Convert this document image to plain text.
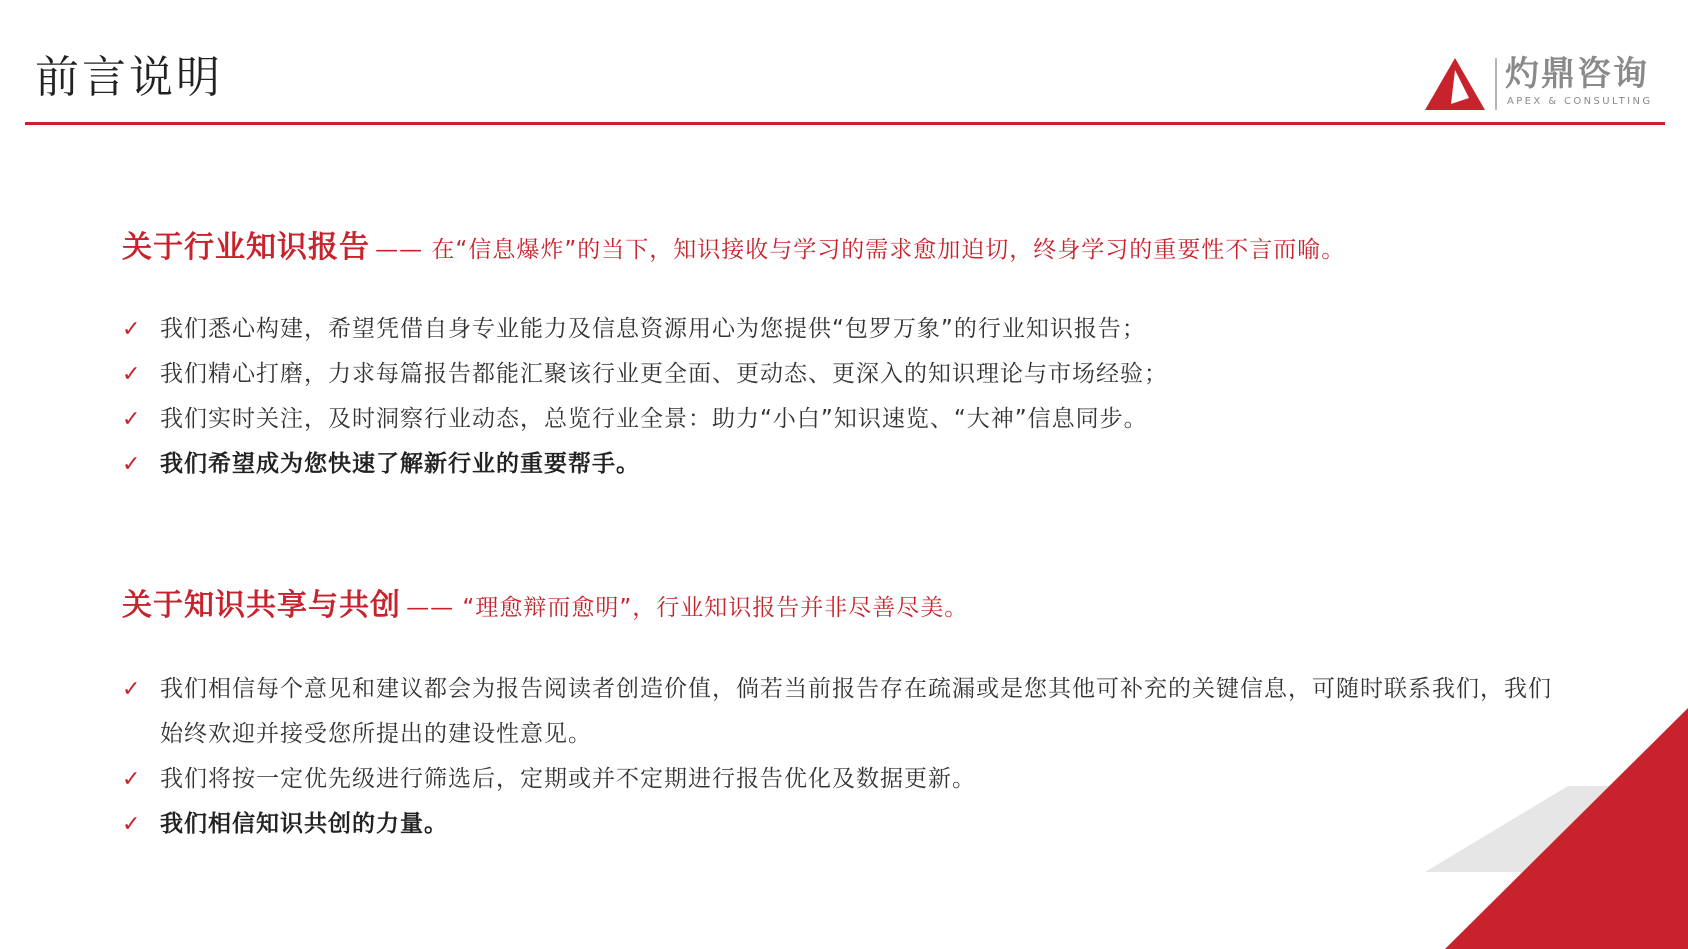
前言说明	灼鼎咨询
APEX & CONSULTING

关于行业知识报告 —— 在“信息爆炸”的当下，知识接收与学习的需求愈加迫切，终身学习的重要性不言而喻。

✓ 我们悉心构建，希望凭借自身专业能力及信息资源用心为您提供“包罗万象”的行业知识报告；
✓ 我们精心打磨，力求每篇报告都能汇聚该行业更全面、更动态、更深入的知识理论与市场经验；
✓ 我们实时关注，及时洞察行业动态，总览行业全景：助力“小白”知识速览、“大神”信息同步。
✓ 我们希望成为您快速了解新行业的重要帮手。

关于知识共享与共创 —— “理愈辩而愈明”，行业知识报告并非尽善尽美。

✓ 我们相信每个意见和建议都会为报告阅读者创造价值，倘若当前报告存在疏漏或是您其他可补充的关键信息，可随时联系我们，我们始终欢迎并接受您所提出的建设性意见。
✓ 我们将按一定优先级进行筛选后，定期或并不定期进行报告优化及数据更新。
✓ 我们相信知识共创的力量。
